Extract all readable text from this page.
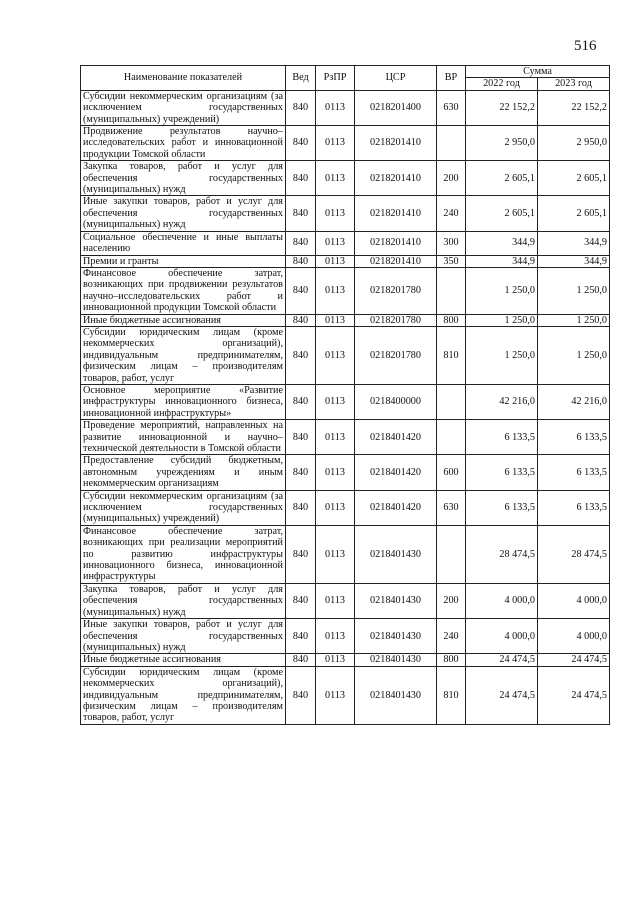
516
Наименование показателей	Вед	РзПР	ЦСР	ВР	Сумма	
					2022 год	2023 год
Субсидии некоммерческим организациям (за исключением государственных (муниципальных) учреждений)	840	0113	0218201400	630	22 152,2	22 152,2
Продвижение результатов научно–исследовательских работ и инновационной продукции Томской области	840	0113	0218201410		2 950,0	2 950,0
Закупка товаров, работ и услуг для обеспечения государственных (муниципальных) нужд	840	0113	0218201410	200	2 605,1	2 605,1
Иные закупки товаров, работ и услуг для обеспечения государственных (муниципальных) нужд	840	0113	0218201410	240	2 605,1	2 605,1
Социальное обеспечение и иные выплаты населению	840	0113	0218201410	300	344,9	344,9
Премии и гранты	840	0113	0218201410	350	344,9	344,9
Финансовое обеспечение затрат, возникающих при продвижении результатов научно–исследовательских работ и инновационной продукции Томской области	840	0113	0218201780		1 250,0	1 250,0
Иные бюджетные ассигнования	840	0113	0218201780	800	1 250,0	1 250,0
Субсидии юридическим лицам (кроме некоммерческих организаций), индивидуальным предпринимателям, физическим лицам – производителям товаров, работ, услуг	840	0113	0218201780	810	1 250,0	1 250,0
Основное мероприятие «Развитие инфраструктуры инновационного бизнеса, инновационной инфраструктуры»	840	0113	0218400000		42 216,0	42 216,0
Проведение мероприятий, направленных на развитие инновационной и научно–технической деятельности в Томской области	840	0113	0218401420		6 133,5	6 133,5
Предоставление субсидий бюджетным, автономным учреждениям и иным некоммерческим организациям	840	0113	0218401420	600	6 133,5	6 133,5
Субсидии некоммерческим организациям (за исключением государственных (муниципальных) учреждений)	840	0113	0218401420	630	6 133,5	6 133,5
Финансовое обеспечение затрат, возникающих при реализации мероприятий по развитию инфраструктуры инновационного бизнеса, инновационной инфраструктуры	840	0113	0218401430		28 474,5	28 474,5
Закупка товаров, работ и услуг для обеспечения государственных (муниципальных) нужд	840	0113	0218401430	200	4 000,0	4 000,0
Иные закупки товаров, работ и услуг для обеспечения государственных (муниципальных) нужд	840	0113	0218401430	240	4 000,0	4 000,0
Иные бюджетные ассигнования	840	0113	0218401430	800	24 474,5	24 474,5
Субсидии юридическим лицам (кроме некоммерческих организаций), индивидуальным предпринимателям, физическим лицам – производителям товаров, работ, услуг	840	0113	0218401430	810	24 474,5	24 474,5
